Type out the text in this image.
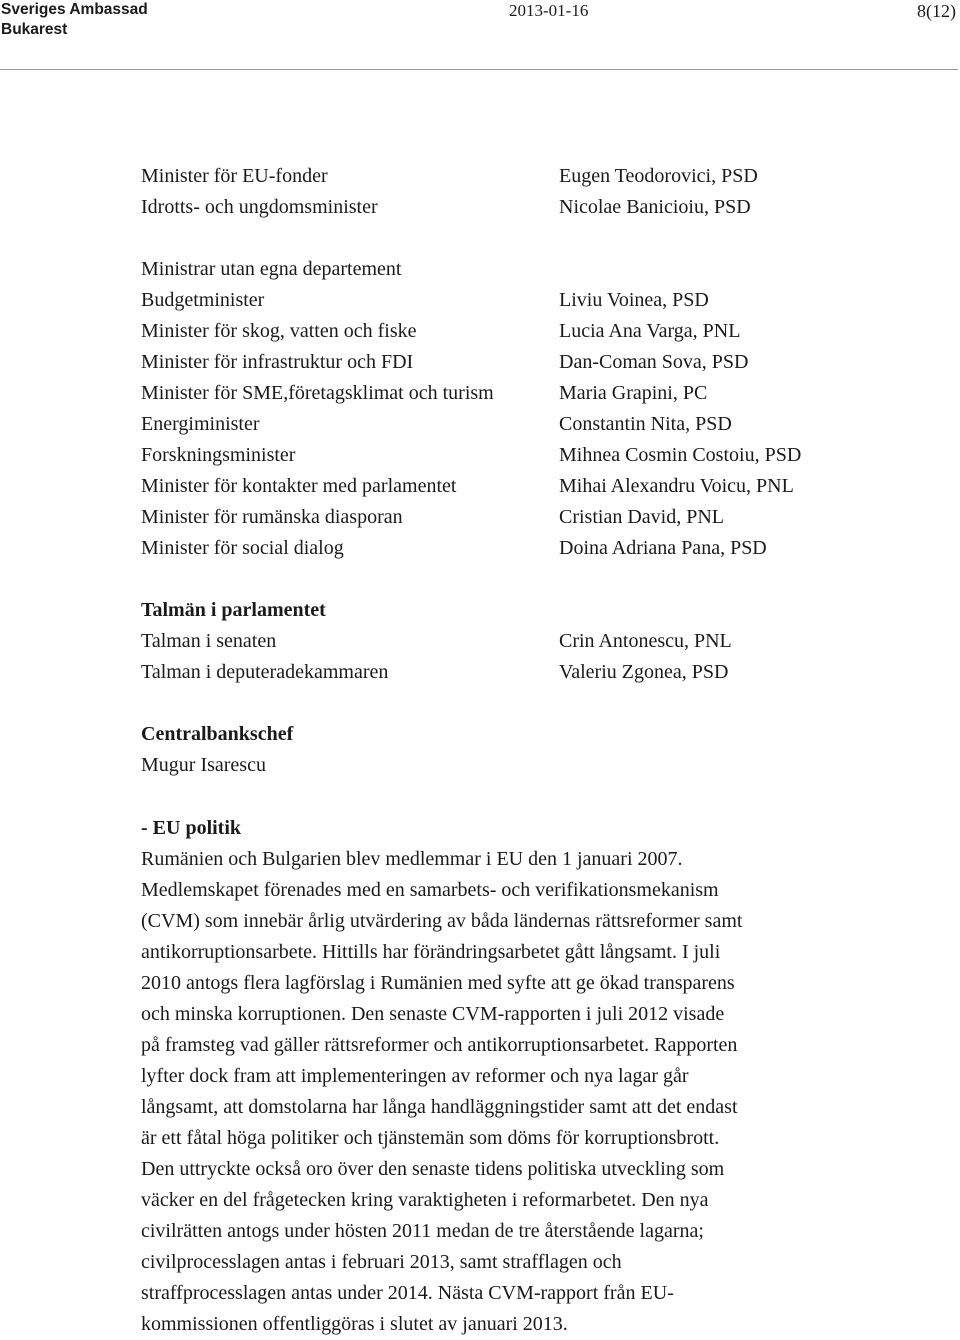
Sveriges Ambassad
Bukarest
2013-01-16	8(12)
Minister för EU-fonder	Eugen Teodorovici, PSD
Idrotts- och ungdomsminister	Nicolae Banicioiu, PSD
Ministrar utan egna departement
Budgetminister	Liviu Voinea, PSD
Minister för skog, vatten och fiske	Lucia Ana Varga, PNL
Minister för infrastruktur och FDI	Dan-Coman Sova, PSD
Minister för SME,företagsklimat och turism	Maria Grapini, PC
Energiminister	Constantin Nita, PSD
Forskningsminister	Mihnea Cosmin Costoiu, PSD
Minister för kontakter med parlamentet	Mihai Alexandru Voicu, PNL
Minister för rumänska diasporan	Cristian David, PNL
Minister för social dialog	Doina Adriana Pana, PSD
Talmän i parlamentet
Talman i senaten	Crin Antonescu, PNL
Talman i deputeradekammaren	Valeriu Zgonea, PSD
Centralbankschef
Mugur Isarescu
- EU politik
Rumänien och Bulgarien blev medlemmar i EU den 1 januari 2007.
Medlemskapet förenades med en samarbets- och verifikationsmekanism
(CVM) som innebär årlig utvärdering av båda ländernas rättsreformer samt
antikorruptionsarbete. Hittills har förändringsarbetet gått långsamt. I juli
2010 antogs flera lagförslag i Rumänien med syfte att ge ökad transparens
och minska korruptionen. Den senaste CVM-rapporten i juli 2012 visade
på framsteg vad gäller rättsreformer och antikorruptionsarbetet. Rapporten
lyfter dock fram att implementeringen av reformer och nya lagar går
långsamt, att domstolarna har långa handläggningstider samt att det endast
är ett fåtal höga politiker och tjänstemän som döms för korruptionsbrott.
Den uttryckte också oro över den senaste tidens politiska utveckling som
väcker en del frågetecken kring varaktigheten i reformarbetet. Den nya
civilrätten antogs under hösten 2011 medan de tre återstående lagarna;
civilprocesslagen antas i februari 2013, samt strafflagen och
straffprocesslagen antas under 2014. Nästa CVM-rapport från EU-
kommissionen offentliggöras i slutet av januari 2013.
